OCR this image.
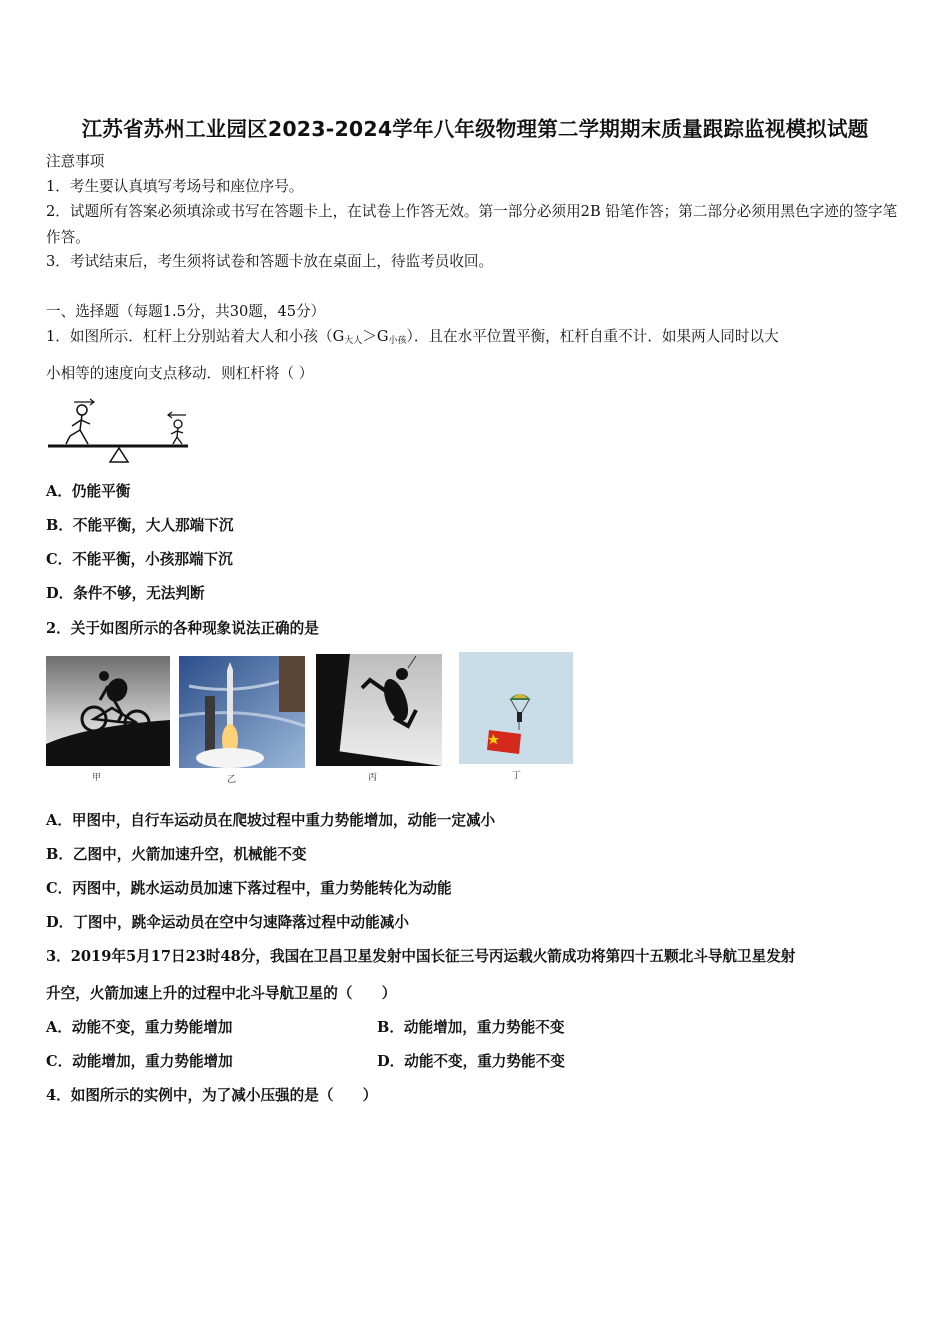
江苏省苏州工业园区2023-2024学年八年级物理第二学期期末质量跟踪监视模拟试题
注意事项
1．考生要认真填写考场号和座位序号。
2．试题所有答案必须填涂或书写在答题卡上，在试卷上作答无效。第一部分必须用2B 铅笔作答；第二部分必须用黑色字迹的签字笔作答。
3．考试结束后，考生须将试卷和答题卡放在桌面上，待监考员收回。
一、选择题（每题1.5分，共30题，45分）
1．如图所示．杠杆上分别站着大人和小孩$(G_{大人}>G_{小孩})$．且在水平位置平衡，杠杆自重不计．如果两人同时以大
小相等的速度向支点移动．则杠杆将（ ）
A．仍能平衡
B．不能平衡，大人那端下沉
C．不能平衡，小孩那端下沉
D．条件不够，无法判断
2．关于如图所示的各种现象说法正确的是
甲	乙	丙	丁
A．甲图中，自行车运动员在爬坡过程中重力势能增加，动能一定减小
B．乙图中，火箭加速升空，机械能不变
C．丙图中，跳水运动员加速下落过程中，重力势能转化为动能
D．丁图中，跳伞运动员在空中匀速降落过程中动能减小
3．2019年5月17日23时48分，我国在卫昌卫星发射中国长征三号丙运载火箭成功将第四十五颗北斗导航卫星发射
升空，火箭加速上升的过程中北斗导航卫星的（　　）
A．动能不变，重力势能增加	B．动能增加，重力势能不变
C．动能增加，重力势能增加	D．动能不变，重力势能不变
4．如图所示的实例中，为了减小压强的是（　　）
